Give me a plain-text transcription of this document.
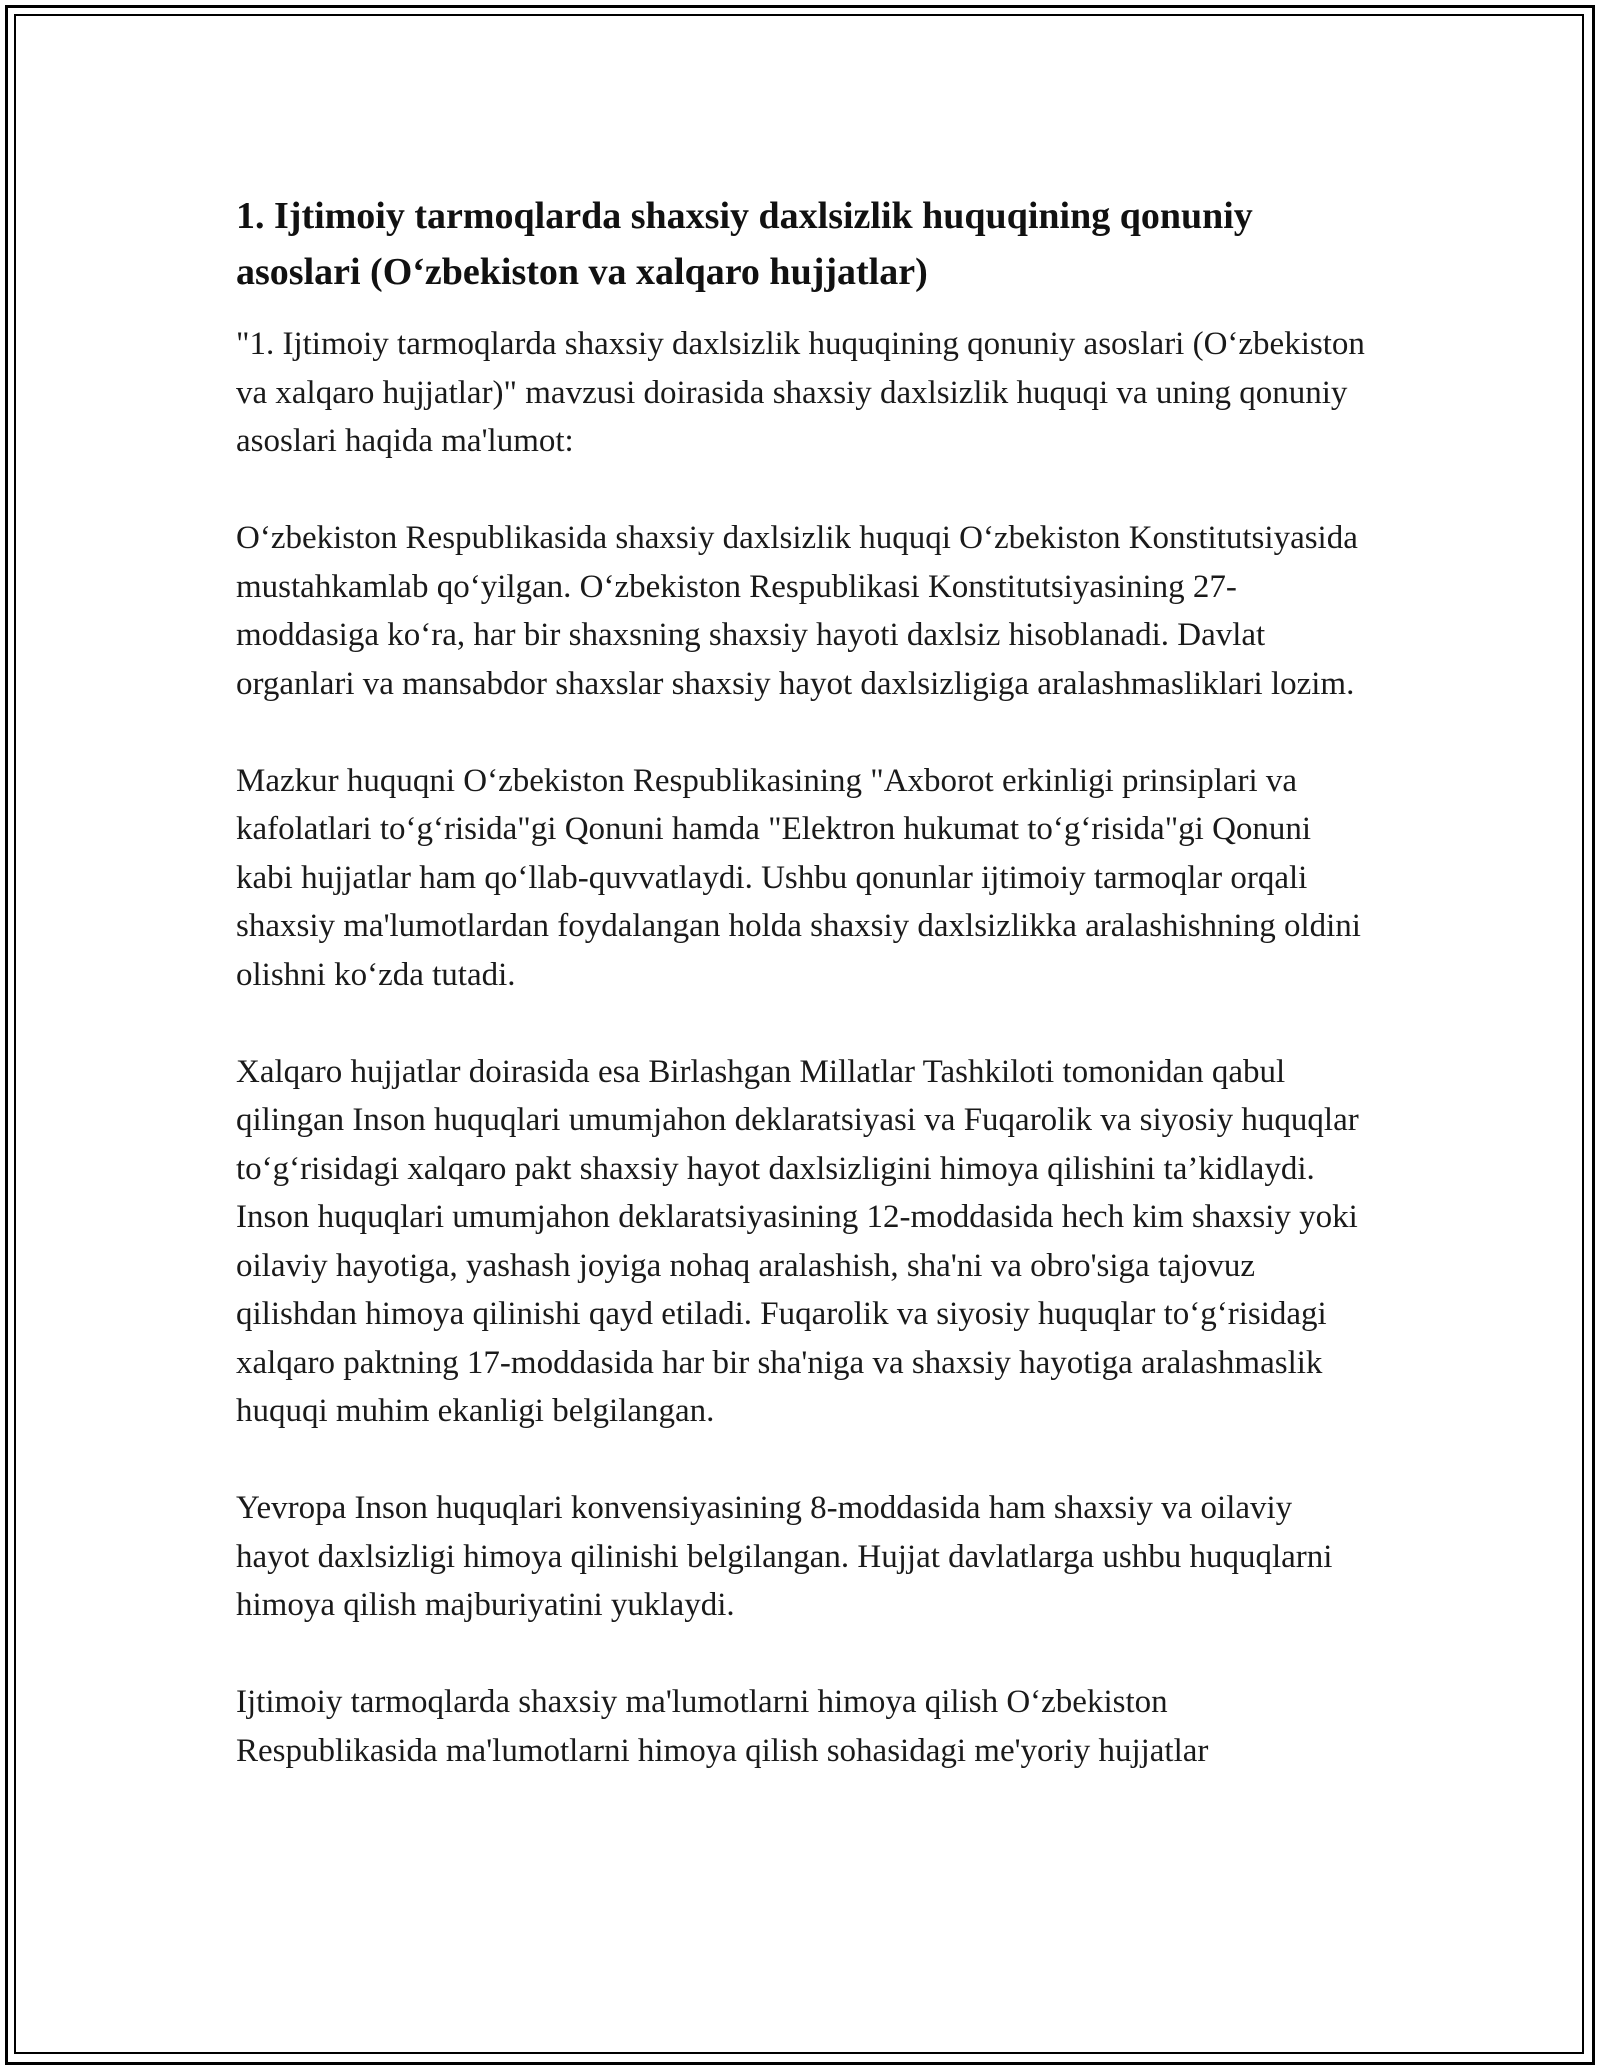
1. Ijtimoiy tarmoqlarda shaxsiy daxlsizlik huquqining qonuniy asoslari (O‘zbekiston va xalqaro hujjatlar)

"1. Ijtimoiy tarmoqlarda shaxsiy daxlsizlik huquqining qonuniy asoslari (O‘zbekiston va xalqaro hujjatlar)" mavzusi doirasida shaxsiy daxlsizlik huquqi va uning qonuniy asoslari haqida ma'lumot:

O‘zbekiston Respublikasida shaxsiy daxlsizlik huquqi O‘zbekiston Konstitutsiyasida mustahkamlab qo‘yilgan. O‘zbekiston Respublikasi Konstitutsiyasining 27-moddasiga ko‘ra, har bir shaxsning shaxsiy hayoti daxlsiz hisoblanadi. Davlat organlari va mansabdor shaxslar shaxsiy hayot daxlsizligiga aralashmasliklari lozim.

Mazkur huquqni O‘zbekiston Respublikasining "Axborot erkinligi prinsiplari va kafolatlari to‘g‘risida"gi Qonuni hamda "Elektron hukumat to‘g‘risida"gi Qonuni kabi hujjatlar ham qo‘llab-quvvatlaydi. Ushbu qonunlar ijtimoiy tarmoqlar orqali shaxsiy ma'lumotlardan foydalangan holda shaxsiy daxlsizlikka aralashishning oldini olishni ko‘zda tutadi.

Xalqaro hujjatlar doirasida esa Birlashgan Millatlar Tashkiloti tomonidan qabul qilingan Inson huquqlari umumjahon deklaratsiyasi va Fuqarolik va siyosiy huquqlar to‘g‘risidagi xalqaro pakt shaxsiy hayot daxlsizligini himoya qilishini ta’kidlaydi. Inson huquqlari umumjahon deklaratsiyasining 12-moddasida hech kim shaxsiy yoki oilaviy hayotiga, yashash joyiga nohaq aralashish, sha'ni va obro'siga tajovuz qilishdan himoya qilinishi qayd etiladi. Fuqarolik va siyosiy huquqlar to‘g‘risidagi xalqaro paktning 17-moddasida har bir sha'niga va shaxsiy hayotiga aralashmaslik huquqi muhim ekanligi belgilangan.

Yevropa Inson huquqlari konvensiyasining 8-moddasida ham shaxsiy va oilaviy hayot daxlsizligi himoya qilinishi belgilangan. Hujjat davlatlarga ushbu huquqlarni himoya qilish majburiyatini yuklaydi.

Ijtimoiy tarmoqlarda shaxsiy ma'lumotlarni himoya qilish O‘zbekiston Respublikasida ma'lumotlarni himoya qilish sohasidagi me'yoriy hujjatlar
